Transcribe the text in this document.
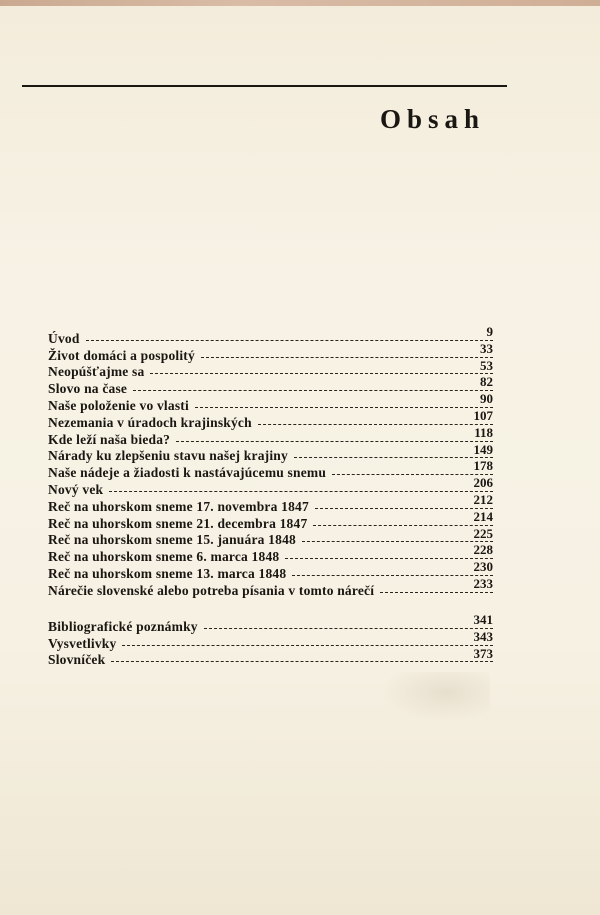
Obsah
Úvod	9
Život domáci a pospolitý	33
Neopúšťajme sa	53
Slovo na čase	82
Naše položenie vo vlasti	90
Nezemania v úradoch krajinských	107
Kde leží naša bieda?	118
Nárady ku zlepšeniu stavu našej krajiny	149
Naše nádeje a žiadosti k nastávajúcemu snemu	178
Nový vek	206
Reč na uhorskom sneme 17. novembra 1847	212
Reč na uhorskom sneme 21. decembra 1847	214
Reč na uhorskom sneme 15. januára 1848	225
Reč na uhorskom sneme 6. marca 1848	228
Reč na uhorskom sneme 13. marca 1848	230
Nárečie slovenské alebo potreba písania v tomto nárečí	233
Bibliografické poznámky	341
Vysvetlivky	343
Slovníček	373
